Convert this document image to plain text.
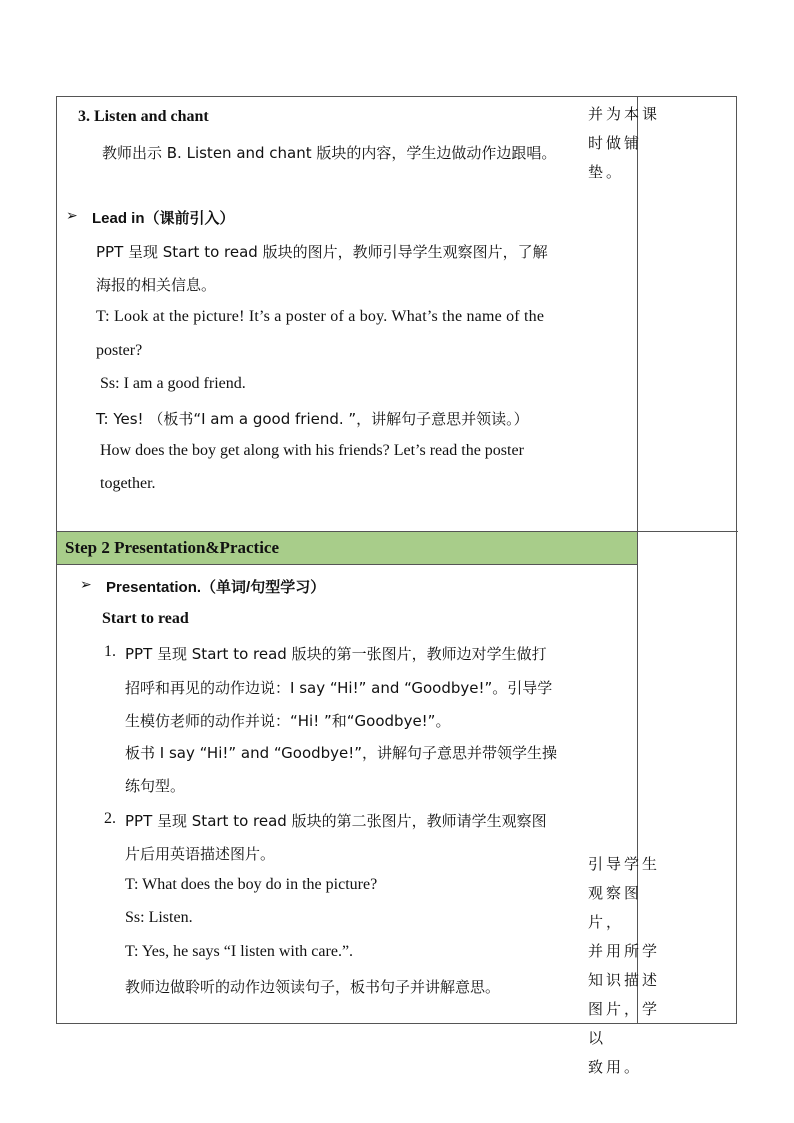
Step 2 Presentation&Practice
3. Listen and chant
教师出示 B. Listen and chant 版块的内容，学生边做动作边跟唱。
➢ Lead in（课前引入）
PPT 呈现 Start to read 版块的图片，教师引导学生观察图片，了解
海报的相关信息。
T: Look at the picture! It’s a poster of a boy. What’s the name of the
poster?
Ss: I am a good friend.
T: Yes! （板书“I am a good friend. ”，讲解句子意思并领读。）
How does the boy get along with his friends? Let’s read the poster
together.
并为本课
时做铺垫。
➢ Presentation.（单词/句型学习）
Start to read
1. PPT 呈现 Start to read 版块的第一张图片，教师边对学生做打
招呼和再见的动作边说：I say “Hi!” and “Goodbye!”。引导学
生模仿老师的动作并说：“Hi! ”和“Goodbye!”。
板书 I say “Hi!” and “Goodbye!”，讲解句子意思并带领学生操
练句型。
2. PPT 呈现 Start to read 版块的第二张图片，教师请学生观察图
片后用英语描述图片。
T: What does the boy do in the picture?
Ss: Listen.
T: Yes, he says “I listen with care.”.
教师边做聆听的动作边领读句子，板书句子并讲解意思。
引导学生
观察图片，
并用所学
知识描述
图片，学以
致用。
